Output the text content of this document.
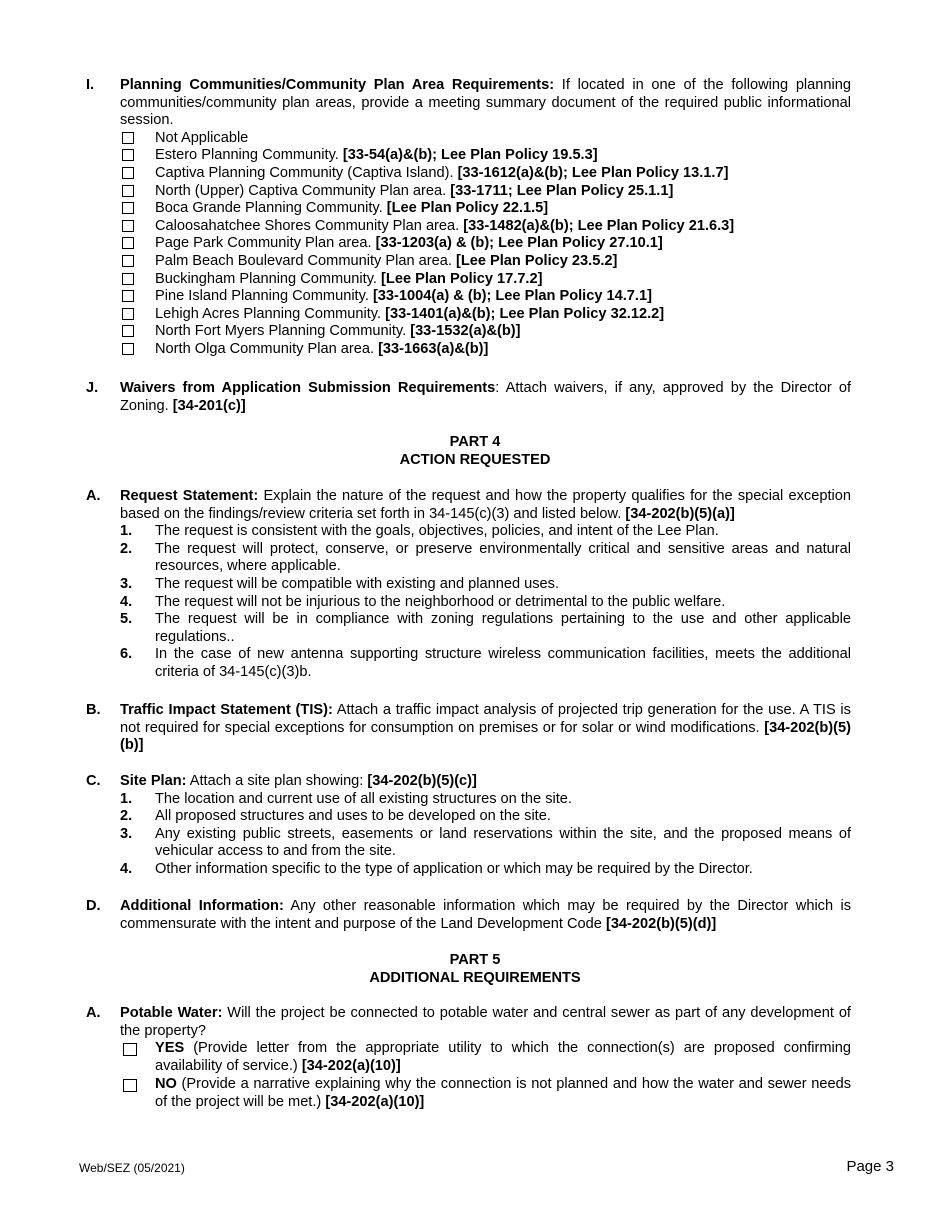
I. Planning Communities/Community Plan Area Requirements: If located in one of the following planning communities/community plan areas, provide a meeting summary document of the required public informational session.
Not Applicable
Estero Planning Community. [33-54(a)&(b); Lee Plan Policy 19.5.3]
Captiva Planning Community (Captiva Island). [33-1612(a)&(b); Lee Plan Policy 13.1.7]
North (Upper) Captiva Community Plan area. [33-1711; Lee Plan Policy 25.1.1]
Boca Grande Planning Community. [Lee Plan Policy 22.1.5]
Caloosahatchee Shores Community Plan area. [33-1482(a)&(b); Lee Plan Policy 21.6.3]
Page Park Community Plan area. [33-1203(a) & (b); Lee Plan Policy 27.10.1]
Palm Beach Boulevard Community Plan area. [Lee Plan Policy 23.5.2]
Buckingham Planning Community. [Lee Plan Policy 17.7.2]
Pine Island Planning Community. [33-1004(a) & (b); Lee Plan Policy 14.7.1]
Lehigh Acres Planning Community. [33-1401(a)&(b); Lee Plan Policy 32.12.2]
North Fort Myers Planning Community. [33-1532(a)&(b)]
North Olga Community Plan area. [33-1663(a)&(b)]
J. Waivers from Application Submission Requirements: Attach waivers, if any, approved by the Director of Zoning. [34-201(c)]
PART 4
ACTION REQUESTED
A. Request Statement: Explain the nature of the request and how the property qualifies for the special exception based on the findings/review criteria set forth in 34-145(c)(3) and listed below. [34-202(b)(5)(a)]
1. The request is consistent with the goals, objectives, policies, and intent of the Lee Plan.
2. The request will protect, conserve, or preserve environmentally critical and sensitive areas and natural resources, where applicable.
3. The request will be compatible with existing and planned uses.
4. The request will not be injurious to the neighborhood or detrimental to the public welfare.
5. The request will be in compliance with zoning regulations pertaining to the use and other applicable regulations..
6. In the case of new antenna supporting structure wireless communication facilities, meets the additional criteria of 34-145(c)(3)b.
B. Traffic Impact Statement (TIS): Attach a traffic impact analysis of projected trip generation for the use. A TIS is not required for special exceptions for consumption on premises or for solar or wind modifications. [34-202(b)(5)(b)]
C. Site Plan: Attach a site plan showing: [34-202(b)(5)(c)]
1. The location and current use of all existing structures on the site.
2. All proposed structures and uses to be developed on the site.
3. Any existing public streets, easements or land reservations within the site, and the proposed means of vehicular access to and from the site.
4. Other information specific to the type of application or which may be required by the Director.
D. Additional Information: Any other reasonable information which may be required by the Director which is commensurate with the intent and purpose of the Land Development Code [34-202(b)(5)(d)]
PART 5
ADDITIONAL REQUIREMENTS
A. Potable Water: Will the project be connected to potable water and central sewer as part of any development of the property?
YES (Provide letter from the appropriate utility to which the connection(s) are proposed confirming availability of service.) [34-202(a)(10)]
NO (Provide a narrative explaining why the connection is not planned and how the water and sewer needs of the project will be met.) [34-202(a)(10)]
Web/SEZ (05/2021)	Page 3
